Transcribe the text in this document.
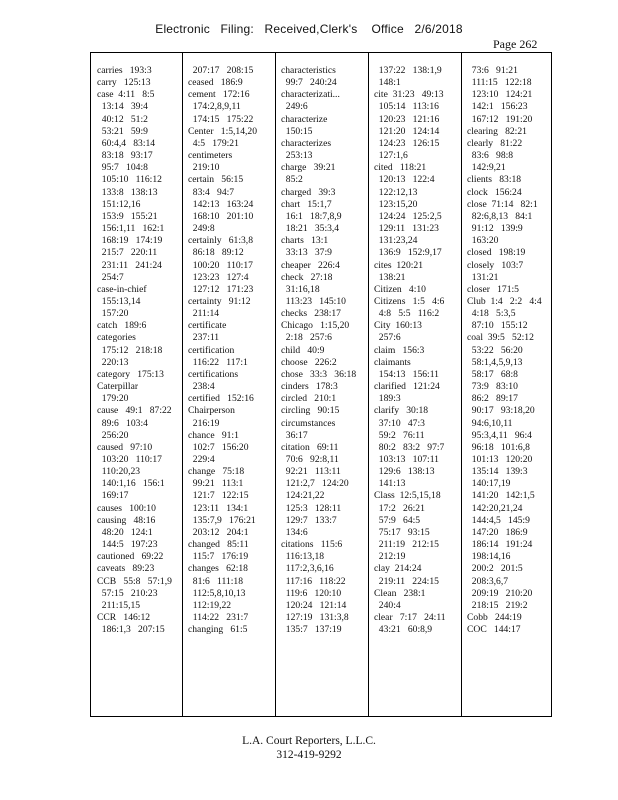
Electronic   Filing:   Received,Clerk's    Office   2/6/2018
Page 262
carries   193:3
carry   125:13
case  4:11   8:5
13:14   39:4
40:12   51:2
53:21   59:9
60:4,4   83:14
83:18   93:17
95:7   104:8
105:10   116:12
133:8   138:13
151:12,16
153:9   155:21
156:1,11   162:1
168:19   174:19
215:7   220:11
231:11   241:24
254:7
case-in-chief
155:13,14
157:20
catch   189:6
categories
175:12   218:18
220:13
category   175:13
Caterpillar
179:20
cause   49:1   87:22
89:6   103:4
256:20
caused   97:10
103:20   110:17
110:20,23
140:1,16   156:1
169:17
causes   100:10
causing   48:16
48:20   124:1
144:5   197:23
cautioned   69:22
caveats   89:23
CCB   55:8   57:1,9
57:15   210:23
211:15,15
CCR   146:12
186:1,3   207:15
207:17   208:15
ceased   186:9
cement   172:16
174:2,8,9,11
174:15   175:22
Center   1:5,14,20
4:5   179:21
centimeters
219:10
certain   56:15
83:4   94:7
142:13   163:24
168:10   201:10
249:8
certainly   61:3,8
86:18   89:12
100:20   110:17
123:23   127:4
127:12   171:23
certainty   91:12
211:14
certificate
237:11
certification
116:22   117:1
certifications
238:4
certified   152:16
Chairperson
216:19
chance   91:1
102:7   156:20
229:4
change   75:18
99:21   113:1
121:7   122:15
123:11   134:1
135:7,9   176:21
203:12   204:1
changed   85:11
115:7   176:19
changes   62:18
81:6   111:18
112:5,8,10,13
112:19,22
114:22   231:7
changing   61:5
characteristics
99:7   240:24
characterizati...
249:6
characterize
150:15
characterizes
253:13
charge   39:21
85:2
charged   39:3
chart   15:1,7
16:1   18:7,8,9
18:21   35:3,4
charts   13:1
33:13   37:9
cheaper   226:4
check   27:18
31:16,18
113:23   145:10
checks   238:17
Chicago   1:15,20
2:18   257:6
child   40:9
choose   226:2
chose   33:3   36:18
cinders   178:3
circled   210:1
circling   90:15
circumstances
36:17
citation   69:11
70:6   92:8,11
92:21   113:11
121:2,7   124:20
124:21,22
125:3   128:11
129:7   133:7
134:6
citations   115:6
116:13,18
117:2,3,6,16
117:16   118:22
119:6   120:10
120:24   121:14
127:19   131:3,8
135:7   137:19
137:22   138:1,9
148:1
cite  31:23   49:13
105:14   113:16
120:23   121:16
121:20   124:14
124:23   126:15
127:1,6
cited   118:21
120:13   122:4
122:12,13
123:15,20
124:24   125:2,5
129:11   131:23
131:23,24
136:9   152:9,17
cites  120:21
138:21
Citizen   4:10
Citizens   1:5   4:6
4:8   5:5   116:2
City  160:13
257:6
claim   156:3
claimants
154:13   156:11
clarified   121:24
189:3
clarify   30:18
37:10   47:3
59:2   76:11
80:2   83:2   97:7
103:13   107:11
129:6   138:13
141:13
Class  12:5,15,18
17:2   26:21
57:9   64:5
75:17   93:15
211:19   212:15
212:19
clay  214:24
219:11   224:15
Clean   238:1
240:4
clear   7:17   24:11
43:21   60:8,9
73:6   91:21
111:15   122:18
123:10   124:21
142:1   156:23
167:12   191:20
clearing   82:21
clearly   81:22
83:6   98:8
142:9,21
clients   83:18
clock   156:24
close  71:14   82:1
82:6,8,13   84:1
91:12   139:9
163:20
closed   198:19
closely   103:7
131:21
closer   171:5
Club  1:4   2:2   4:4
4:18   5:3,5
87:10   155:12
coal  39:5   52:12
53:22   56:20
58:1,4,5,9,13
58:17   68:8
73:9   83:10
86:2   89:17
90:17   93:18,20
94:6,10,11
95:3,4,11   96:4
96:18   101:6,8
101:13   120:20
135:14   139:3
140:17,19
141:20   142:1,5
142:20,21,24
144:4,5   145:9
147:20   186:9
186:14   191:24
198:14,16
200:2   201:5
208:3,6,7
209:19   210:20
218:15   219:2
Cobb   244:19
COC   144:17
L.A. Court Reporters, L.L.C.
312-419-9292
